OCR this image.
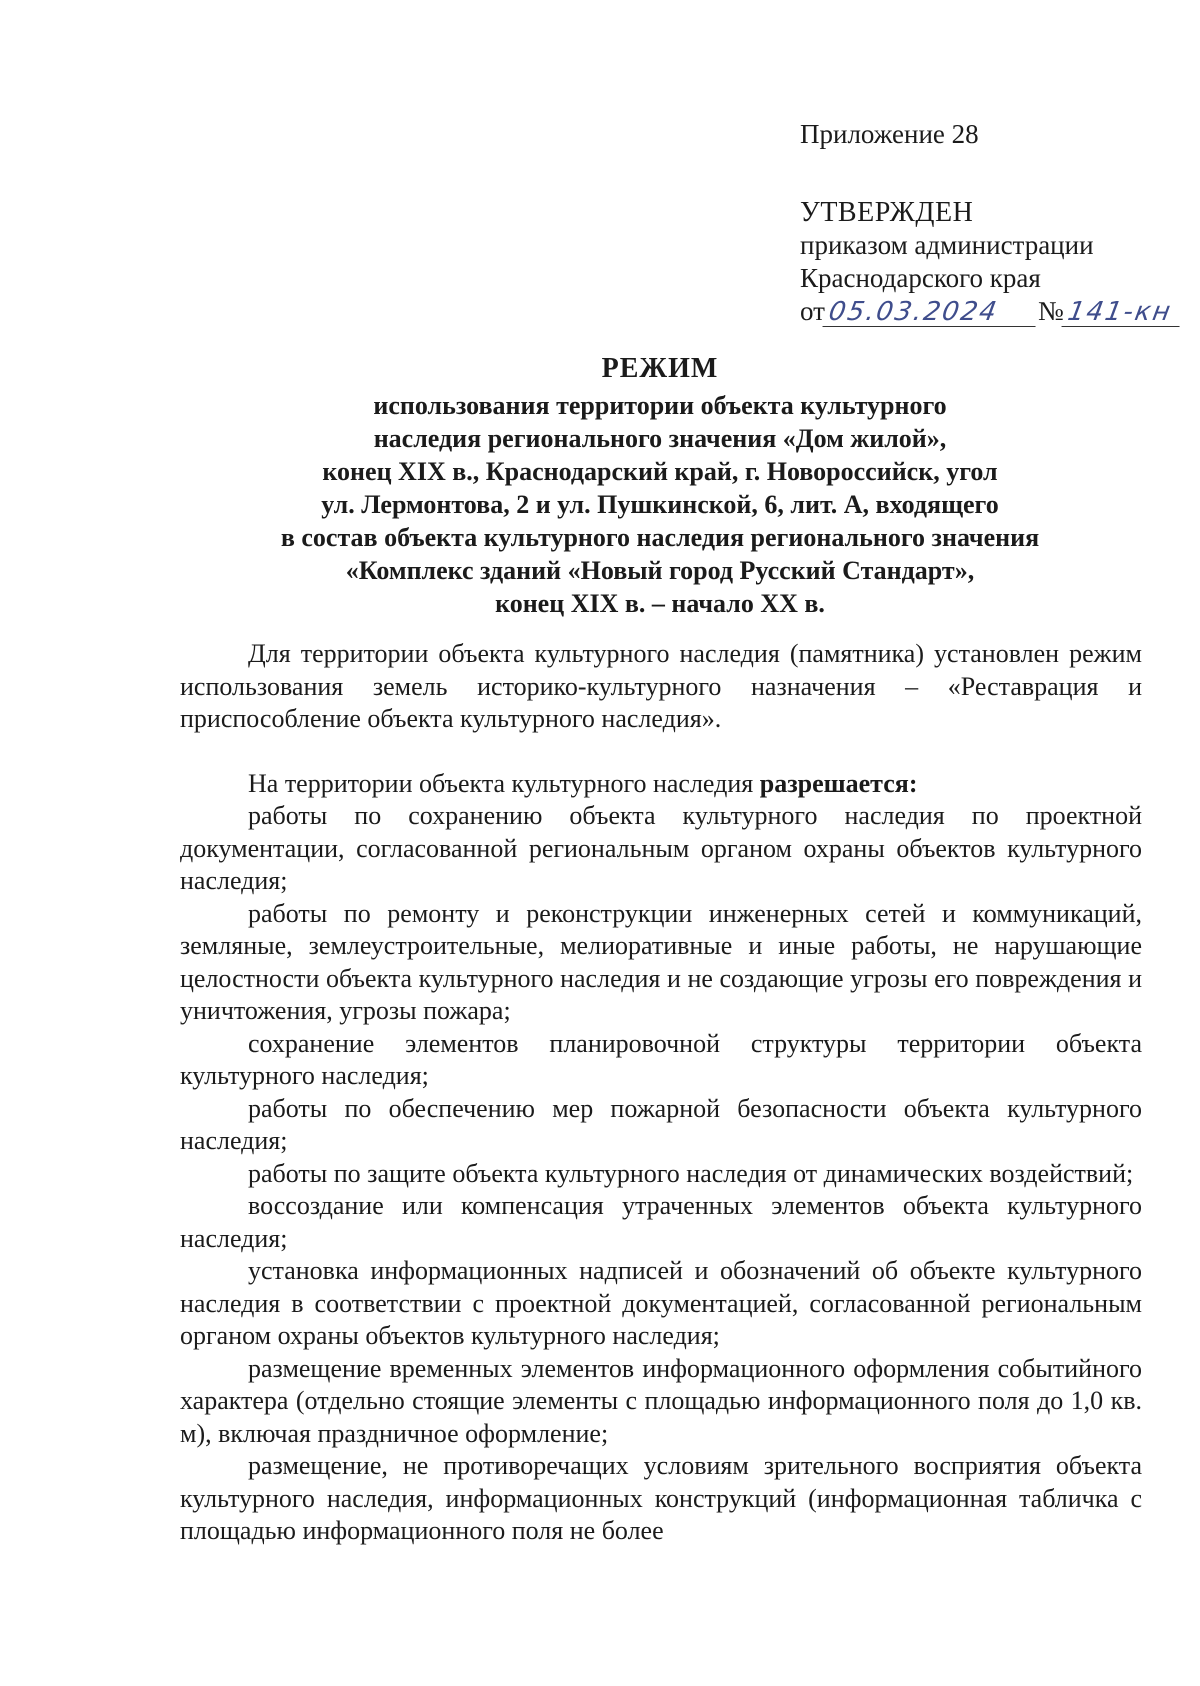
Приложение 28

УТВЕРЖДЕН

приказом администрации

Краснодарского края

от05.03.2024 №141-кн

РЕЖИМ

использования территории объекта культурного

наследия регионального значения «Дом жилой»,

конец XIX в., Краснодарский край, г. Новороссийск, угол

ул. Лермонтова, 2 и ул. Пушкинской, 6, лит. А, входящего

в состав объекта культурного наследия регионального значения

«Комплекс зданий «Новый город Русский Стандарт»,

конец XIX в. – начало XX в.

Для территории объекта культурного наследия (памятника) установлен режим использования земель историко-культурного назначения – «Реставрация и приспособление объекта культурного наследия».

На территории объекта культурного наследия разрешается:

работы по сохранению объекта культурного наследия по проектной документации, согласованной региональным органом охраны объектов культурного наследия;

работы по ремонту и реконструкции инженерных сетей и коммуникаций, земляные, землеустроительные, мелиоративные и иные работы, не нарушающие целостности объекта культурного наследия и не создающие угрозы его повреждения и уничтожения, угрозы пожара;

сохранение элементов планировочной структуры территории объекта культурного наследия;

работы по обеспечению мер пожарной безопасности объекта культурного наследия;

работы по защите объекта культурного наследия от динамических воздействий;

воссоздание или компенсация утраченных элементов объекта культурного наследия;

установка информационных надписей и обозначений об объекте культурного наследия в соответствии с проектной документацией, согласованной региональным органом охраны объектов культурного наследия;

размещение временных элементов информационного оформления событийного характера (отдельно стоящие элементы с площадью информационного поля до 1,0 кв. м), включая праздничное оформление;

размещение, не противоречащих условиям зрительного восприятия объекта культурного наследия, информационных конструкций (информационная табличка с площадью информационного поля не более
